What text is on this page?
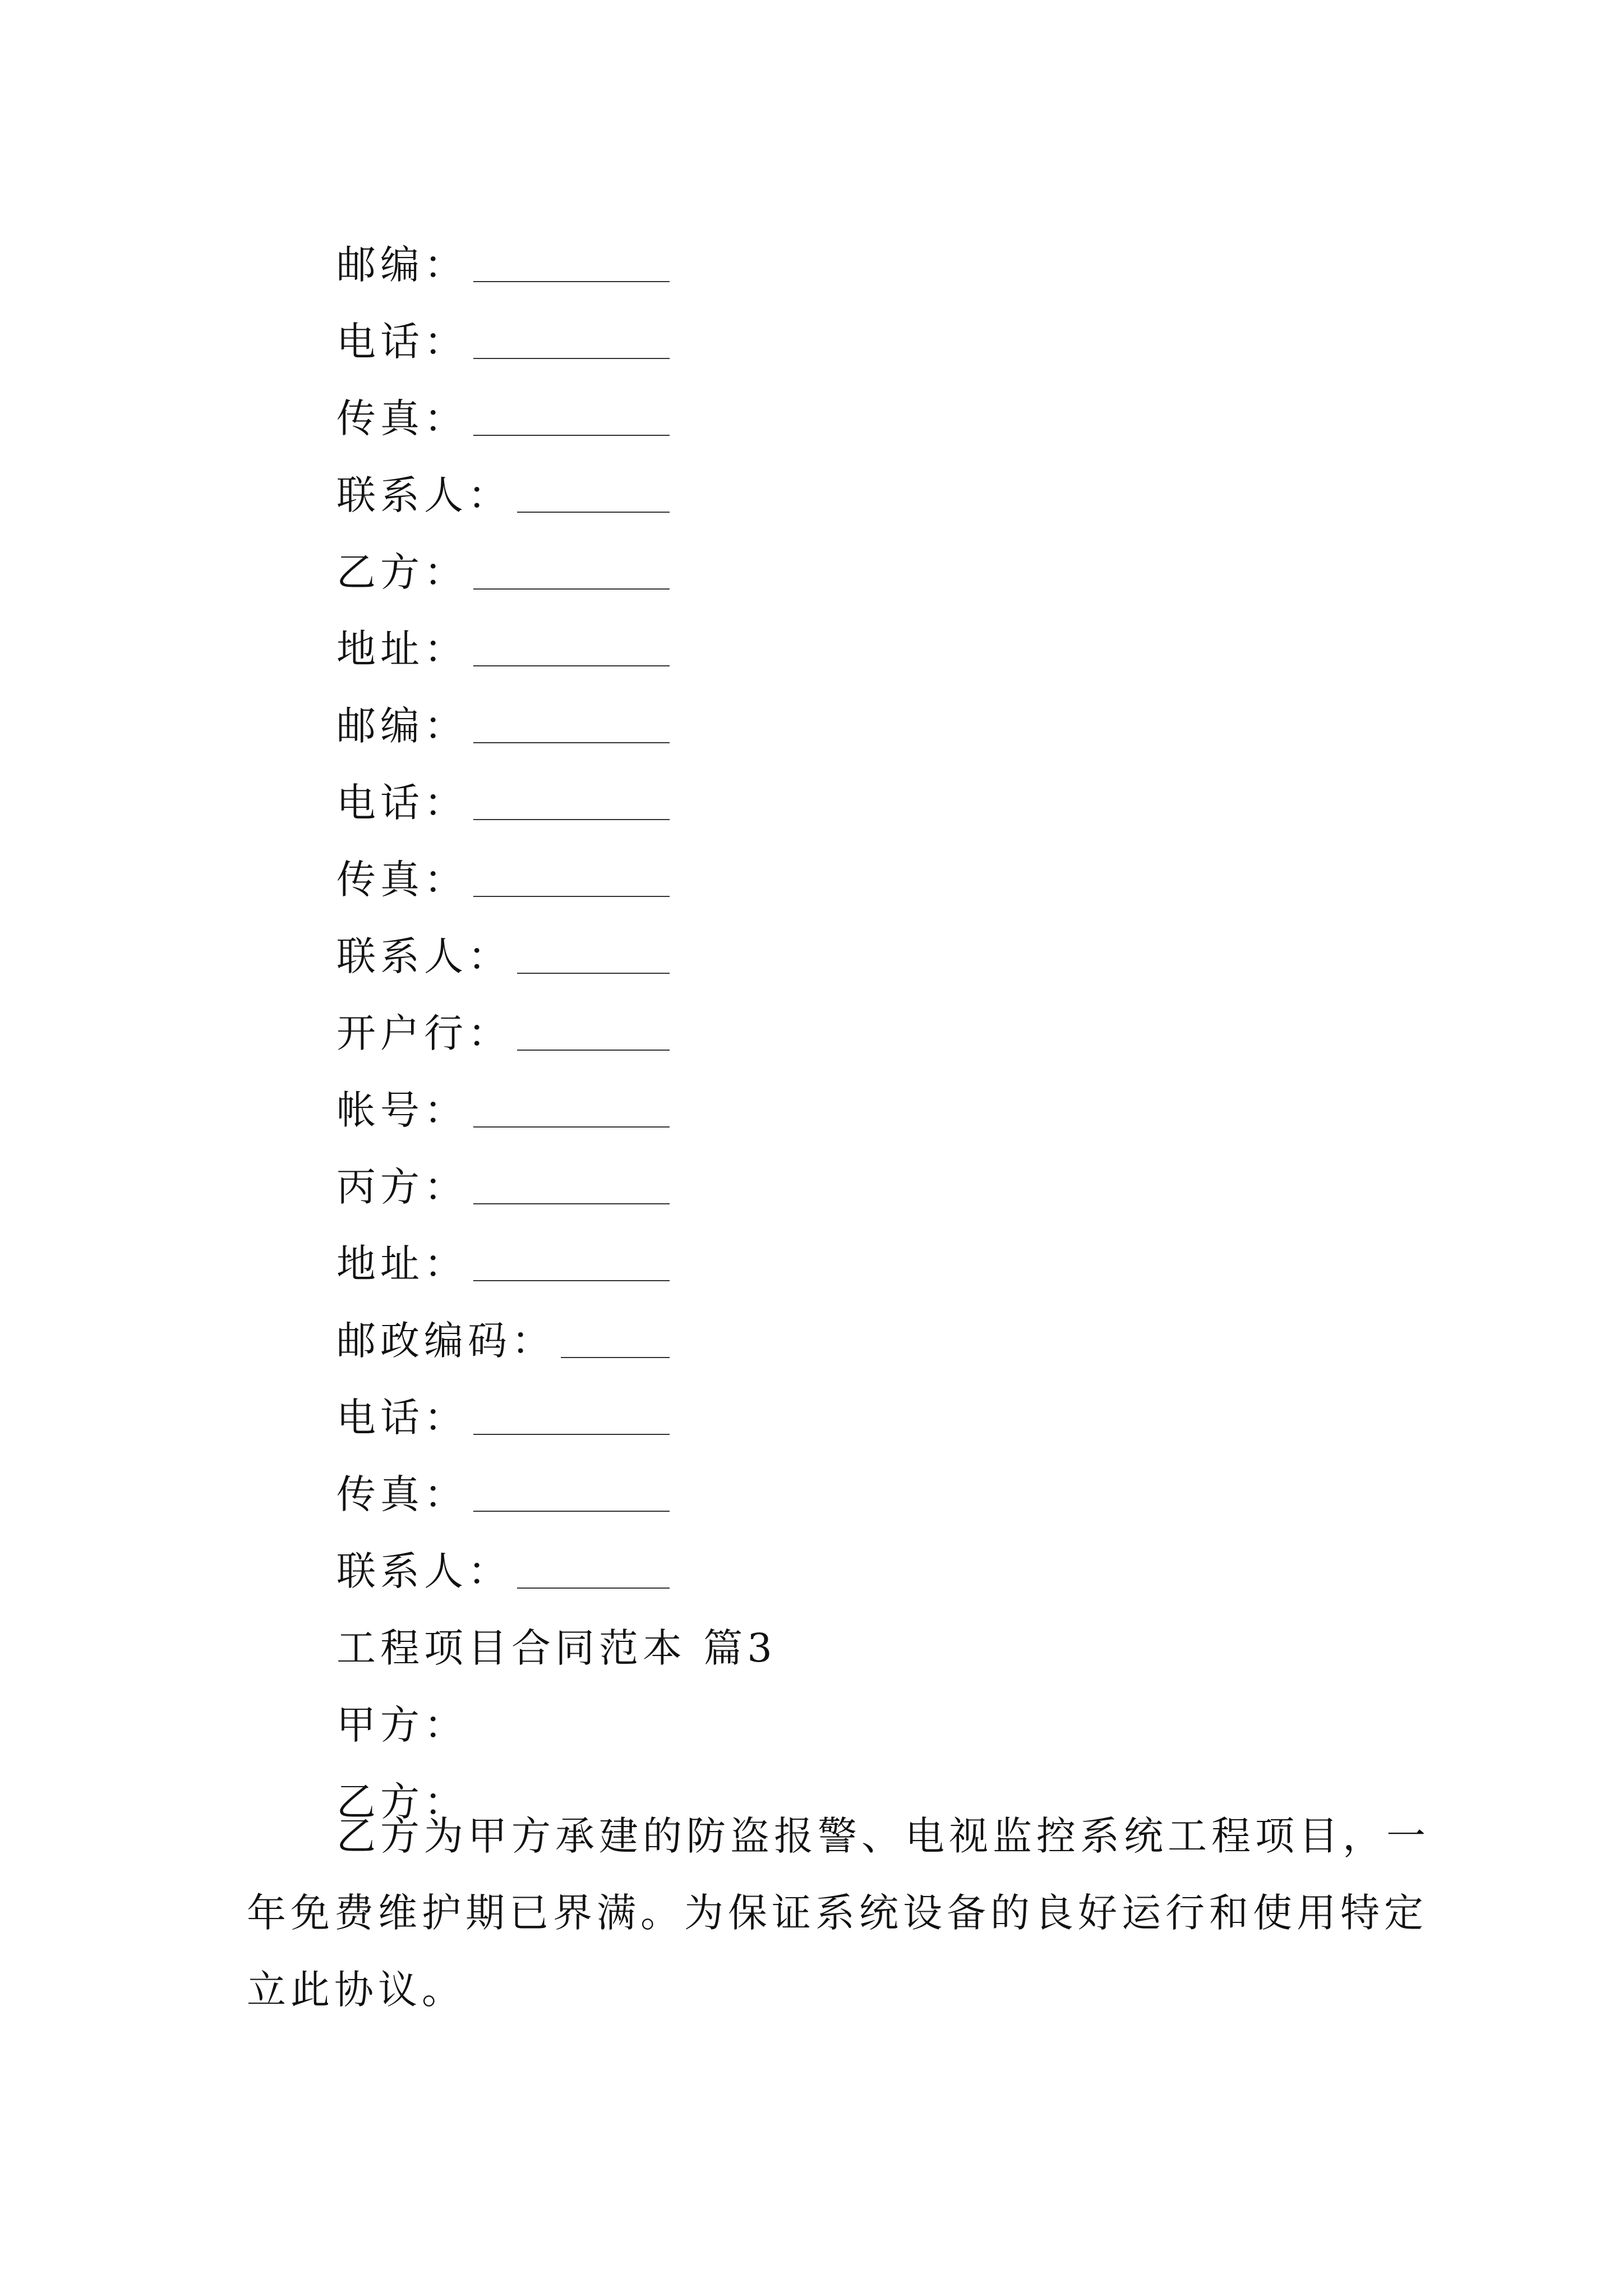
邮编：
电话：
传真：
联系人：
乙方：
地址：
邮编：
电话：
传真：
联系人：
开户行：
帐号：
丙方：
地址：
邮政编码：
电话：
传真：
联系人：
工程项目合同范本 篇3
甲方：
乙方：

乙方为甲方承建的防盗报警、电视监控系统工程项目，一年免费维护期已界满。为保证系统设备的良好运行和使用特定立此协议。
